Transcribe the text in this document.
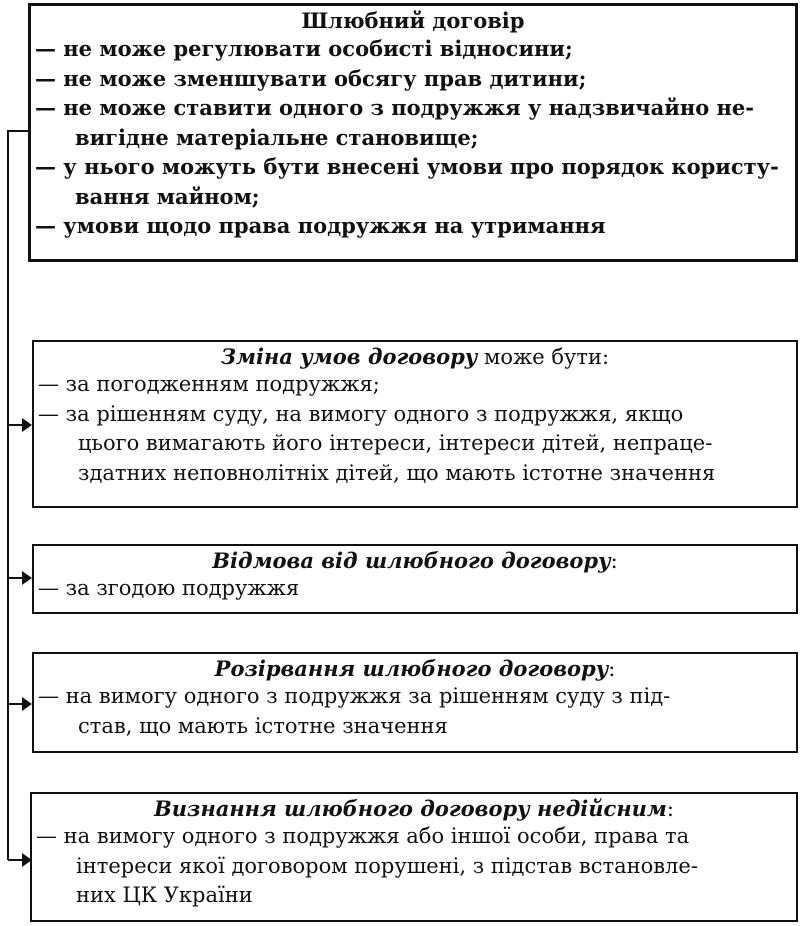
Шлюбний договір
— не може регулювати особисті відносини;
— не може зменшувати обсягу прав дитини;
— не може ставити одного з подружжя у надзвичайно не-
вигідне матеріальне становище;
— у нього можуть бути внесені умови про порядок користу-
вання майном;
— умови щодо права подружжя на утримання
Зміна умов договору може бути:
— за погодженням подружжя;
— за рішенням суду, на вимогу одного з подружжя, якщо
цього вимагають його інтереси, інтереси дітей, непраце-
здатних неповнолітніх дітей, що мають істотне значення
Відмова від шлюбного договору:
— за згодою подружжя
Розірвання шлюбного договору:
— на вимогу одного з подружжя за рішенням суду з під-
став, що мають істотне значення
Визнання шлюбного договору недійсним:
— на вимогу одного з подружжя або іншої особи, права та
інтереси якої договором порушені, з підстав встановле-
них ЦК України
